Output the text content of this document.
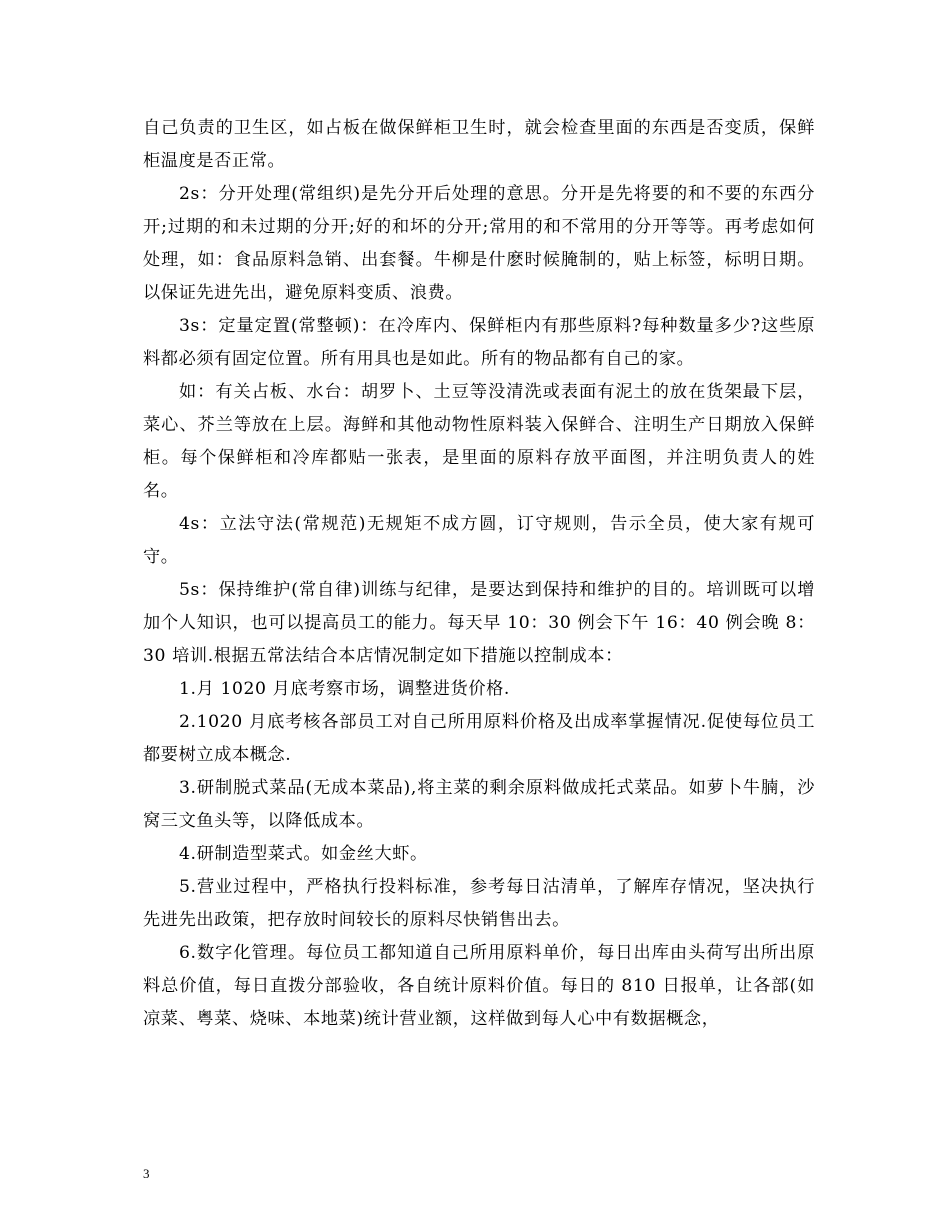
自己负责的卫生区，如占板在做保鲜柜卫生时，就会检查里面的东西是否变质，保鲜柜温度是否正常。

2s：分开处理(常组织)是先分开后处理的意思。分开是先将要的和不要的东西分开;过期的和未过期的分开;好的和坏的分开;常用的和不常用的分开等等。再考虑如何处理，如：食品原料急销、出套餐。牛柳是什麽时候腌制的，贴上标签，标明日期。以保证先进先出，避免原料变质、浪费。

3s：定量定置(常整顿)：在冷库内、保鲜柜内有那些原料?每种数量多少?这些原料都必须有固定位置。所有用具也是如此。所有的物品都有自己的家。

如：有关占板、水台：胡罗卜、土豆等没清洗或表面有泥土的放在货架最下层，菜心、芥兰等放在上层。海鲜和其他动物性原料装入保鲜合、注明生产日期放入保鲜柜。每个保鲜柜和冷库都贴一张表，是里面的原料存放平面图，并注明负责人的姓名。

4s：立法守法(常规范)无规矩不成方圆，订守规则，告示全员，使大家有规可守。

5s：保持维护(常自律)训练与纪律，是要达到保持和维护的目的。培训既可以增加个人知识，也可以提高员工的能力。每天早 10：30 例会下午 16：40 例会晚 8：30 培训.根据五常法结合本店情况制定如下措施以控制成本：

1.月 1020 月底考察市场，调整进货价格.

2.1020 月底考核各部员工对自己所用原料价格及出成率掌握情况.促使每位员工都要树立成本概念.

3.研制脱式菜品(无成本菜品),将主菜的剩余原料做成托式菜品。如萝卜牛腩，沙窝三文鱼头等，以降低成本。

4.研制造型菜式。如金丝大虾。

5.营业过程中，严格执行投料标准，参考每日沽清单，了解库存情况，坚决执行先进先出政策，把存放时间较长的原料尽快销售出去。

6.数字化管理。每位员工都知道自己所用原料单价，每日出库由头荷写出所出原料总价值，每日直拨分部验收，各自统计原料价值。每日的 810 日报单，让各部(如凉菜、粤菜、烧味、本地菜)统计营业额，这样做到每人心中有数据概念，

3
